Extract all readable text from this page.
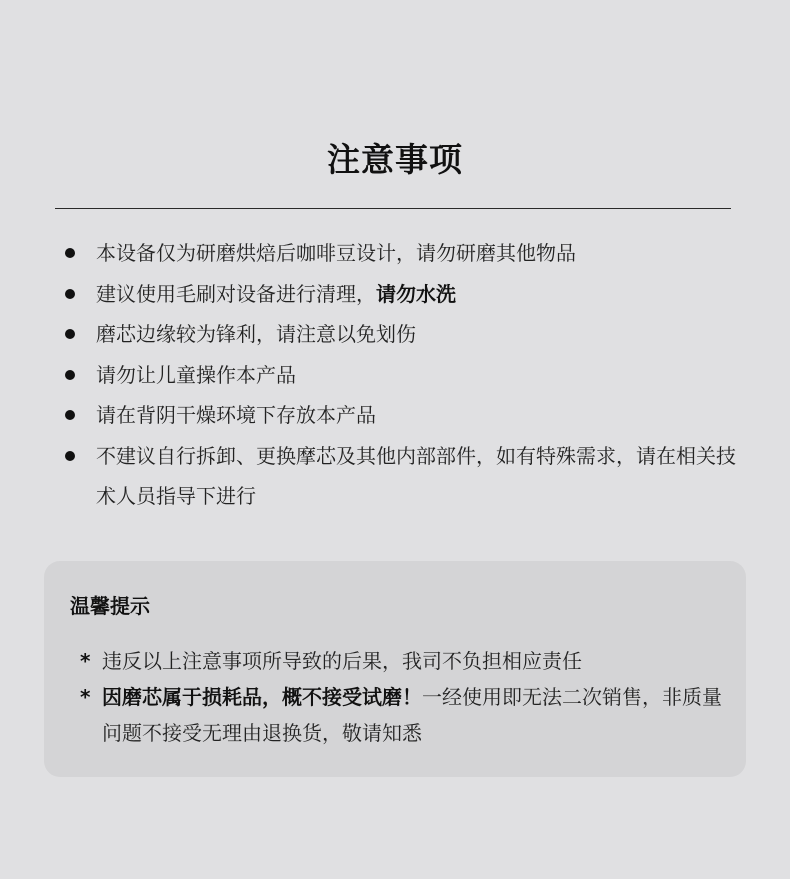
注意事项
本设备仅为研磨烘焙后咖啡豆设计，请勿研磨其他物品
建议使用毛刷对设备进行清理，请勿水洗
磨芯边缘较为锋利，请注意以免划伤
请勿让儿童操作本产品
请在背阴干燥环境下存放本产品
不建议自行拆卸、更换摩芯及其他内部部件，如有特殊需求，请在相关技术人员指导下进行
温馨提示
* 违反以上注意事项所导致的后果，我司不负担相应责任
* 因磨芯属于损耗品，概不接受试磨！一经使用即无法二次销售，非质量问题不接受无理由退换货，敬请知悉
